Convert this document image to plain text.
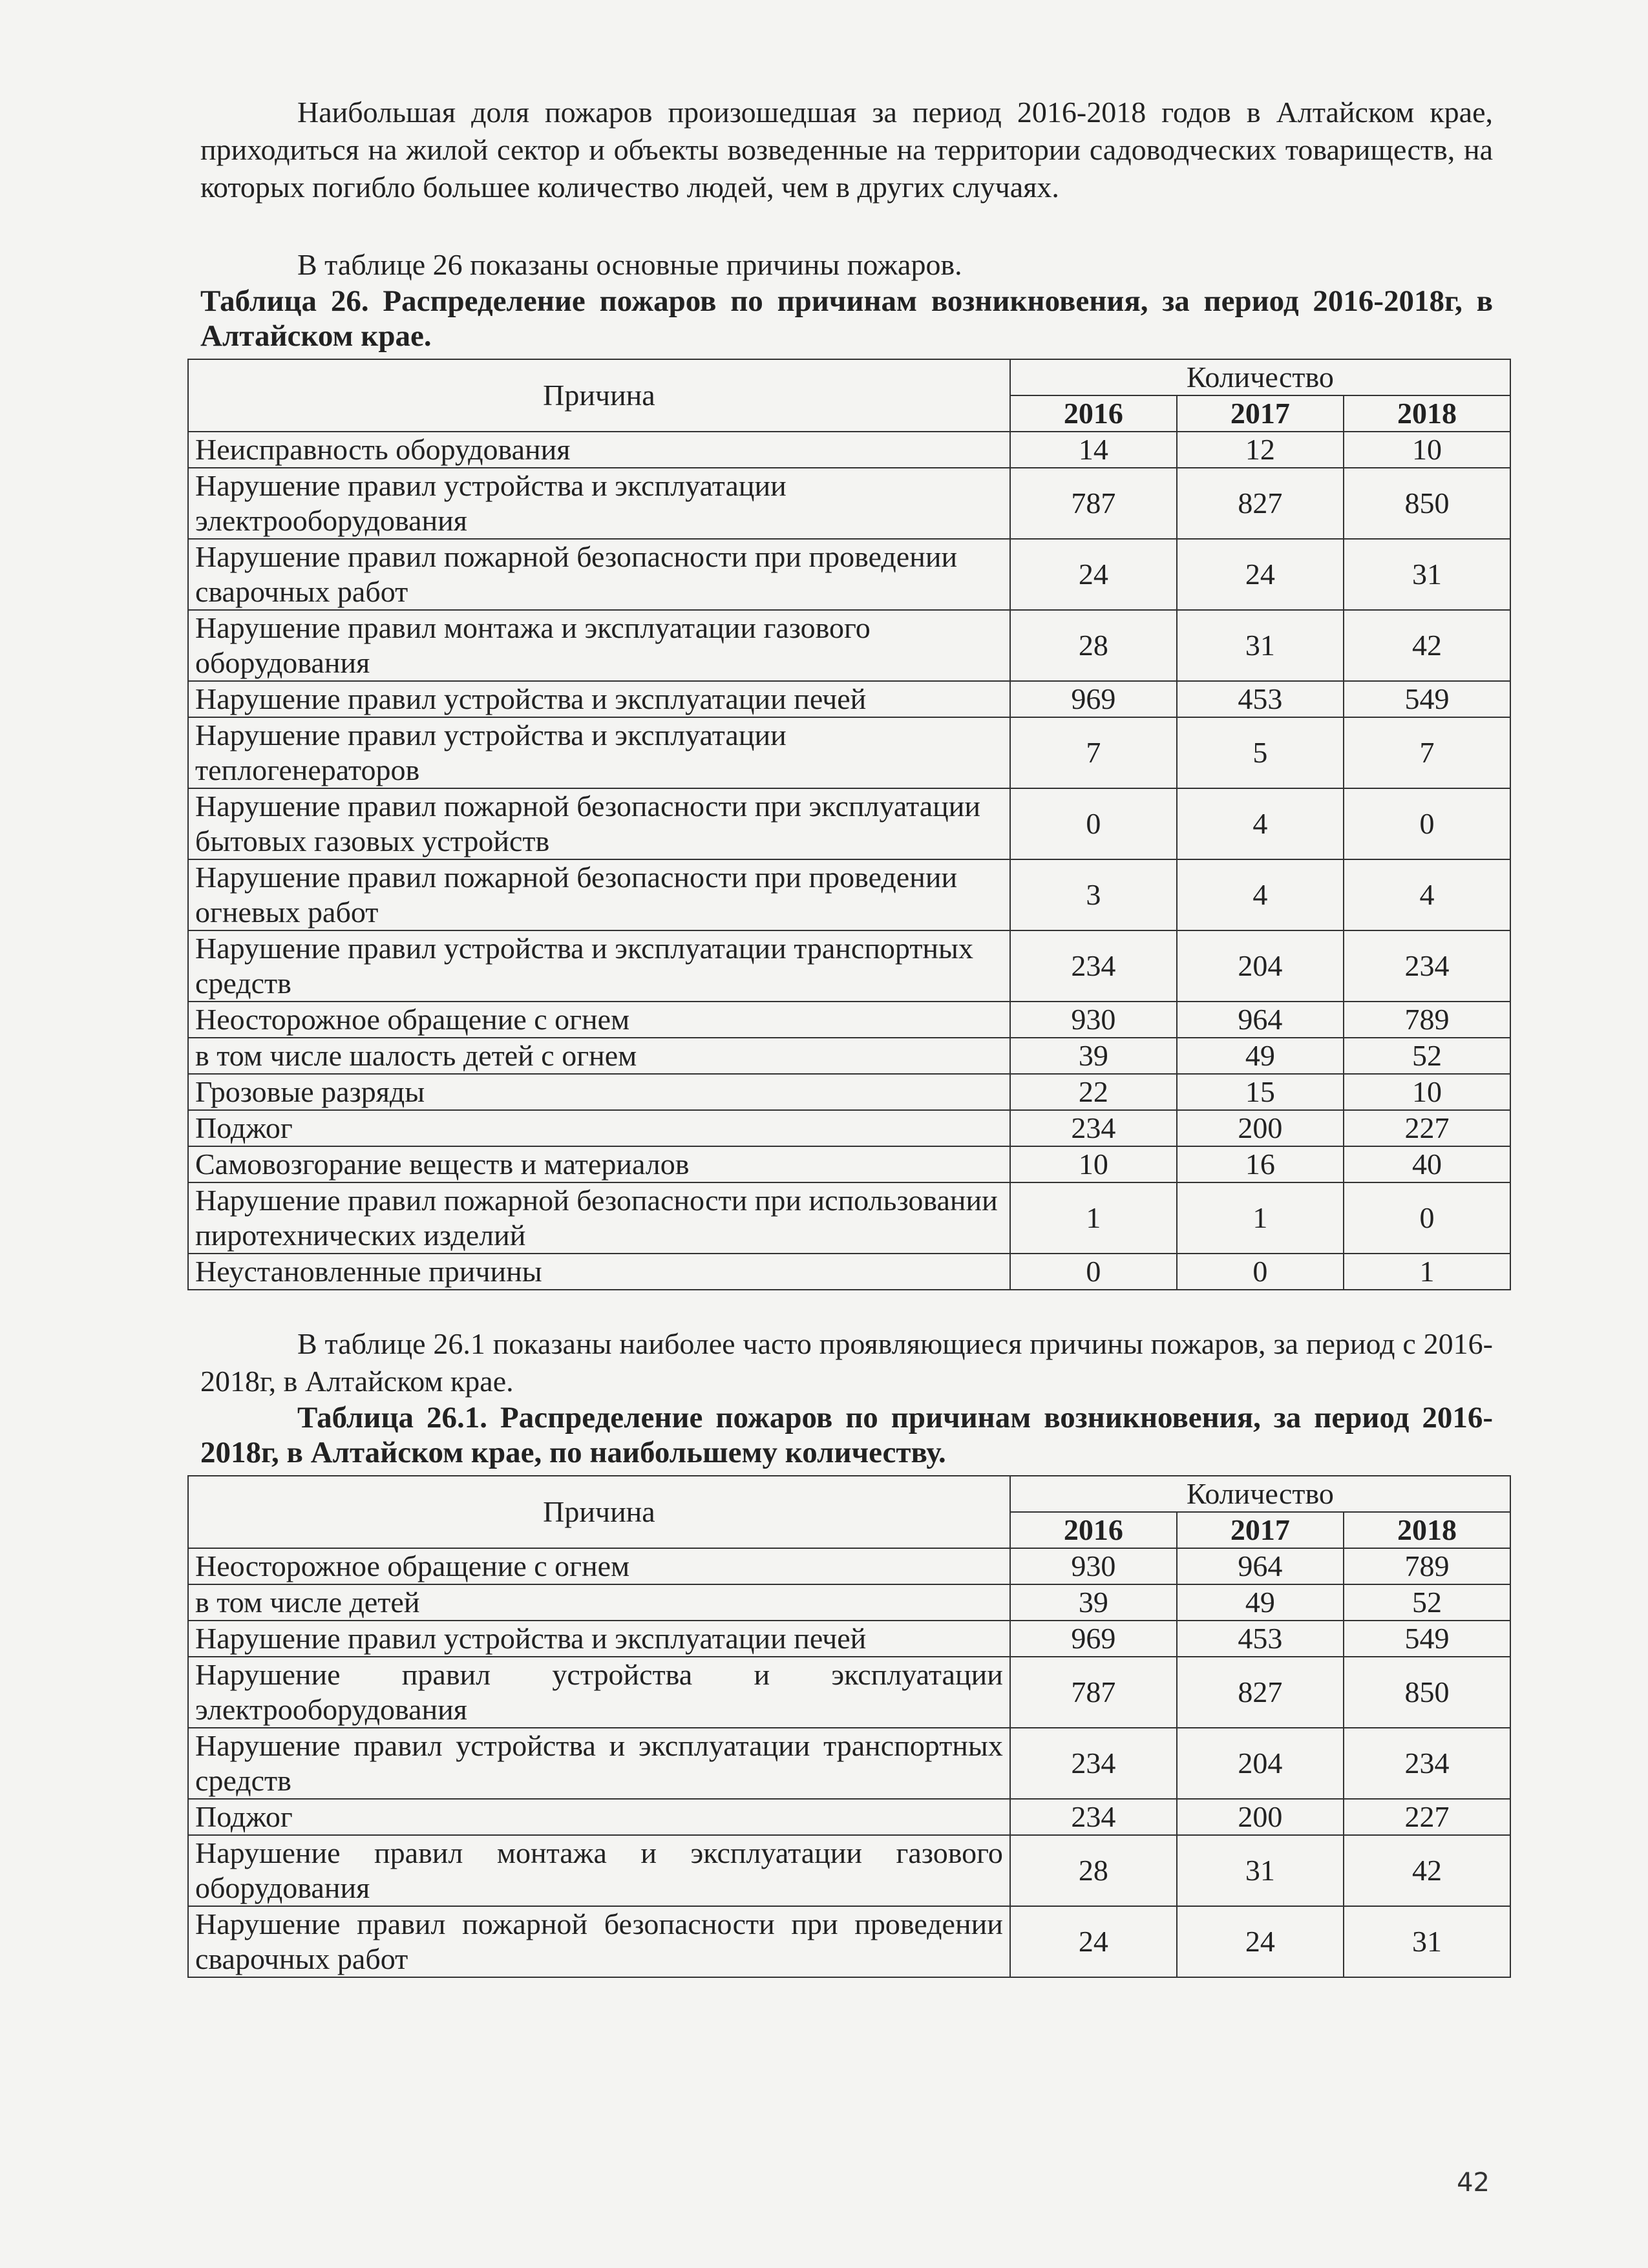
Наибольшая доля пожаров произошедшая за период 2016-2018 годов в Алтайском крае, приходиться на жилой сектор и объекты возведенные на территории садоводческих товариществ, на которых погибло большее количество людей, чем в других случаях.

В таблице 26 показаны основные причины пожаров.

Таблица 26. Распределение пожаров по причинам возникновения, за период 2016-2018г, в Алтайском крае.

Причина	Количество		
	2016	2017	2018
Неисправность оборудования	14	12	10
Нарушение правил устройства и эксплуатации электрооборудования	787	827	850
Нарушение правил пожарной безопасности при проведении сварочных работ	24	24	31
Нарушение правил монтажа и эксплуатации газового оборудования	28	31	42
Нарушение правил устройства и эксплуатации печей	969	453	549
Нарушение правил устройства и эксплуатации теплогенераторов	7	5	7
Нарушение правил пожарной безопасности при эксплуатации бытовых газовых устройств	0	4	0
Нарушение правил пожарной безопасности при проведении огневых работ	3	4	4
Нарушение правил устройства и эксплуатации транспортных средств	234	204	234
Неосторожное обращение с огнем	930	964	789
в том числе шалость детей с огнем	39	49	52
Грозовые разряды	22	15	10
Поджог	234	200	227
Самовозгорание веществ и материалов	10	16	40
Нарушение правил пожарной безопасности при использовании пиротехнических изделий	1	1	0
Неустановленные причины	0	0	1

В таблице 26.1 показаны наиболее часто проявляющиеся причины пожаров, за период с 2016-2018г, в Алтайском крае.

Таблица 26.1. Распределение пожаров по причинам возникновения, за период 2016-2018г, в Алтайском крае, по наибольшему количеству.

Причина	Количество		
	2016	2017	2018
Неосторожное обращение с огнем	930	964	789
в том числе детей	39	49	52
Нарушение правил устройства и эксплуатации печей	969	453	549
Нарушение правил устройства и эксплуатации электрооборудования	787	827	850
Нарушение правил устройства и эксплуатации транспортных средств	234	204	234
Поджог	234	200	227
Нарушение правил монтажа и эксплуатации газового оборудования	28	31	42
Нарушение правил пожарной безопасности при проведении сварочных работ	24	24	31
42
